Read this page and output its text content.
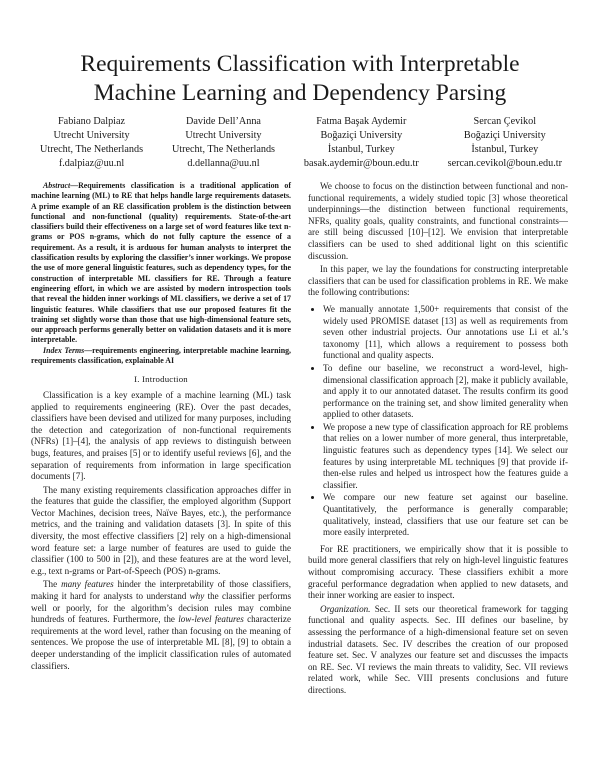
Requirements Classification with Interpretable
Machine Learning and Dependency Parsing
Fabiano Dalpiaz
Utrecht University
Utrecht, The Netherlands
f.dalpiaz@uu.nl
Davide Dell’Anna
Utrecht University
Utrecht, The Netherlands
d.dellanna@uu.nl
Fatma Başak Aydemir
Boğaziçi University
İstanbul, Turkey
basak.aydemir@boun.edu.tr
Sercan Çevikol
Boğaziçi University
İstanbul, Turkey
sercan.cevikol@boun.edu.tr

Abstract—Requirements classification is a traditional application of machine learning (ML) to RE that helps handle large requirements datasets. A prime example of an RE classification problem is the distinction between functional and non-functional (quality) requirements. State-of-the-art classifiers build their effectiveness on a large set of word features like text n-grams or POS n-grams, which do not fully capture the essence of a requirement. As a result, it is arduous for human analysts to interpret the classification results by exploring the classifier’s inner workings. We propose the use of more general linguistic features, such as dependency types, for the construction of interpretable ML classifiers for RE. Through a feature engineering effort, in which we are assisted by modern introspection tools that reveal the hidden inner workings of ML classifiers, we derive a set of 17 linguistic features. While classifiers that use our proposed features fit the training set slightly worse than those that use high-dimensional feature sets, our approach performs generally better on validation datasets and it is more interpretable.

Index Terms—requirements engineering, interpretable machine learning, requirements classification, explainable AI

I. Introduction

Classification is a key example of a machine learning (ML) task applied to requirements engineering (RE). Over the past decades, classifiers have been devised and utilized for many purposes, including the detection and categorization of non-functional requirements (NFRs) [1]–[4], the analysis of app reviews to distinguish between bugs, features, and praises [5] or to identify useful reviews [6], and the separation of requirements from information in large specification documents [7].

The many existing requirements classification approaches differ in the features that guide the classifier, the employed algorithm (Support Vector Machines, decision trees, Naïve Bayes, etc.), the performance metrics, and the training and validation datasets [3]. In spite of this diversity, the most effective classifiers [2] rely on a high-dimensional word feature set: a large number of features are used to guide the classifier (100 to 500 in [2]), and these features are at the word level, e.g., text n-grams or Part-of-Speech (POS) n-grams.

The many features hinder the interpretability of those classifiers, making it hard for analysts to understand why the classifier performs well or poorly, for the algorithm’s decision rules may combine hundreds of features. Furthermore, the low-level features characterize requirements at the word level, rather than focusing on the meaning of sentences. We propose the use of interpretable ML [8], [9] to obtain a deeper understanding of the implicit classification rules of automated classifiers.

We choose to focus on the distinction between functional and non-functional requirements, a widely studied topic [3] whose theoretical underpinnings—the distinction between functional requirements, NFRs, quality goals, quality constraints, and functional constraints—are still being discussed [10]–[12]. We envision that interpretable classifiers can be used to shed additional light on this scientific discussion.

In this paper, we lay the foundations for constructing interpretable classifiers that can be used for classification problems in RE. We make the following contributions:

• We manually annotate 1,500+ requirements that consist of the widely used PROMISE dataset [13] as well as requirements from seven other industrial projects. Our annotations use Li et al.’s taxonomy [11], which allows a requirement to possess both functional and quality aspects.
• To define our baseline, we reconstruct a word-level, high-dimensional classification approach [2], make it publicly available, and apply it to our annotated dataset. The results confirm its good performance on the training set, and show limited generality when applied to other datasets.
• We propose a new type of classification approach for RE problems that relies on a lower number of more general, thus interpretable, linguistic features such as dependency types [14]. We select our features by using interpretable ML techniques [9] that provide if-then-else rules and helped us introspect how the features guide a classifier.
• We compare our new feature set against our baseline. Quantitatively, the performance is generally comparable; qualitatively, instead, classifiers that use our feature set can be more easily interpreted.

For RE practitioners, we empirically show that it is possible to build more general classifiers that rely on high-level linguistic features without compromising accuracy. These classifiers exhibit a more graceful performance degradation when applied to new datasets, and their inner working are easier to inspect.

Organization. Sec. II sets our theoretical framework for tagging functional and quality aspects. Sec. III defines our baseline, by assessing the performance of a high-dimensional feature set on seven industrial datasets. Sec. IV describes the creation of our proposed feature set. Sec. V analyzes our feature set and discusses the impacts on RE. Sec. VI reviews the main threats to validity, Sec. VII reviews related work, while Sec. VIII presents conclusions and future directions.
